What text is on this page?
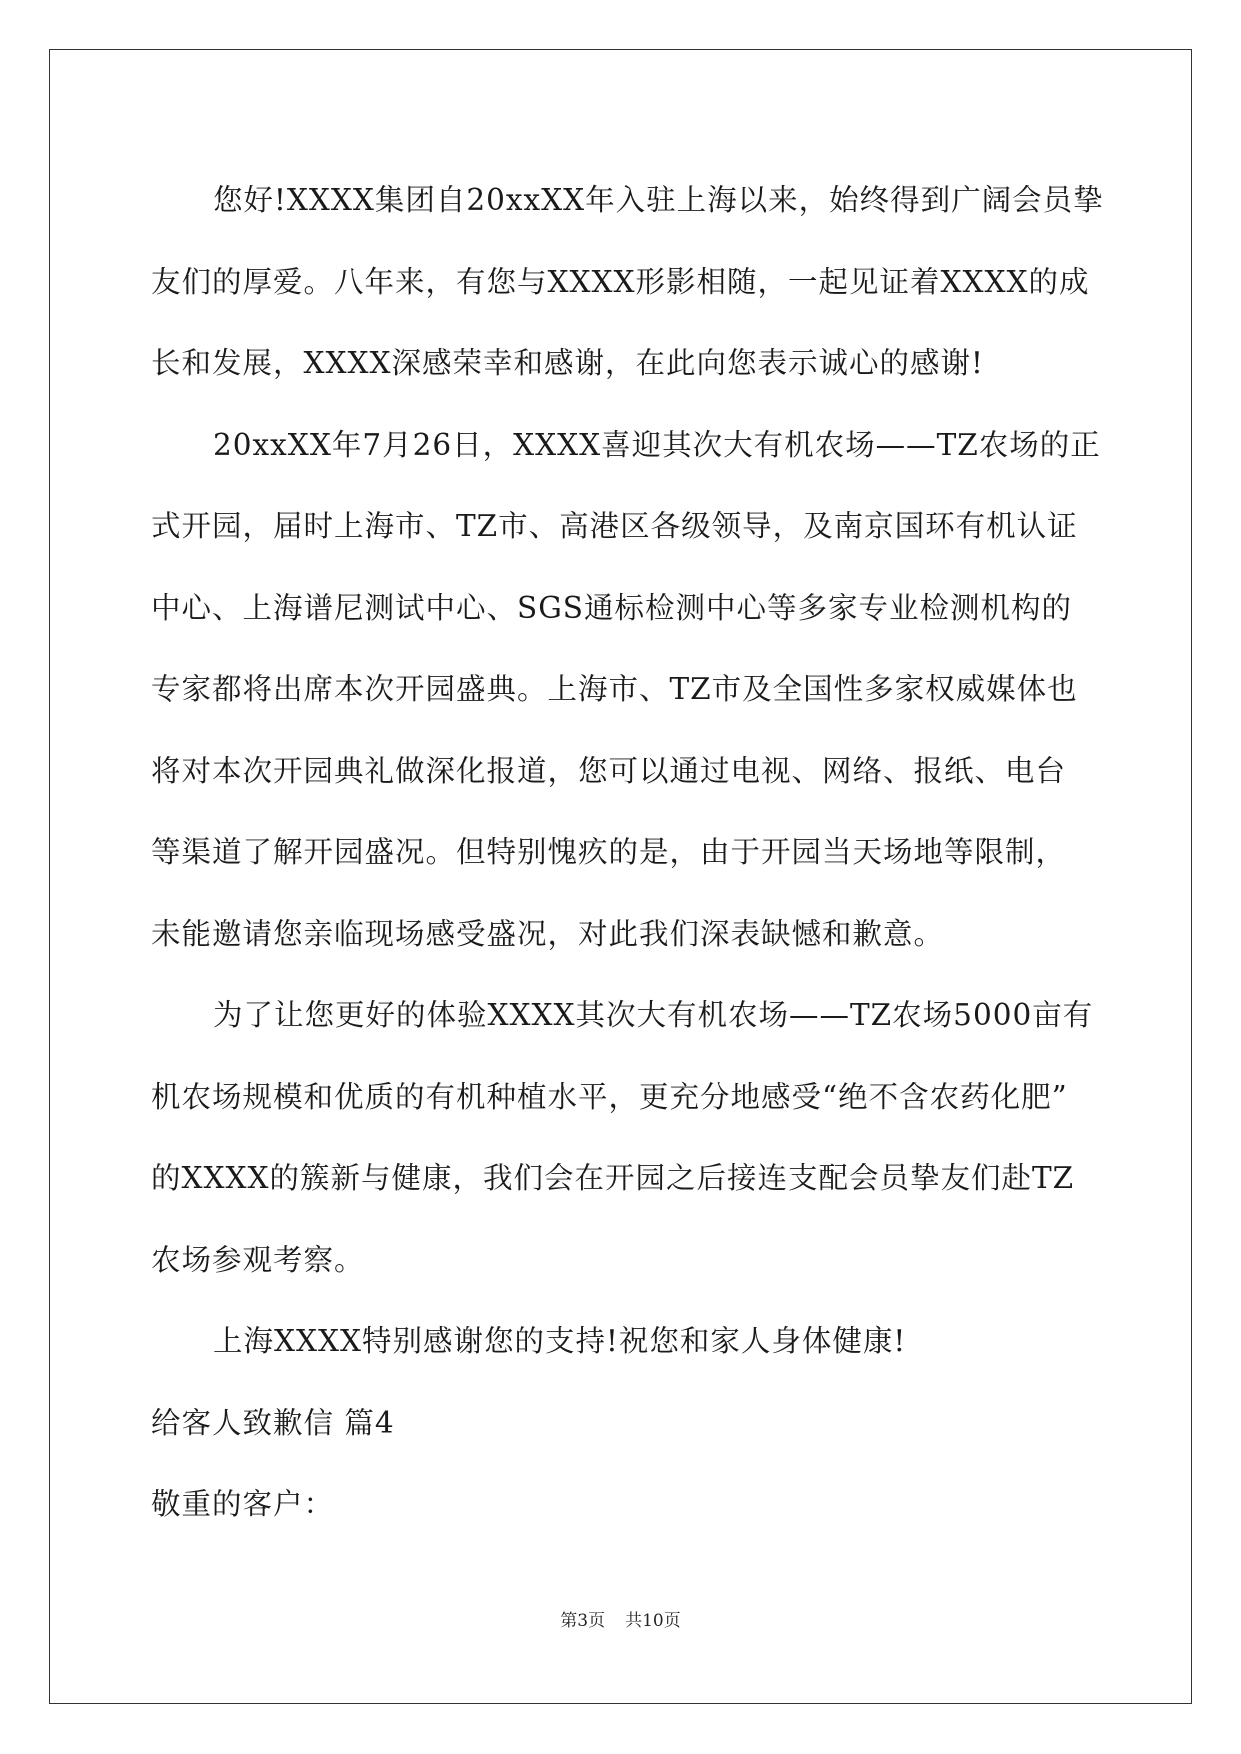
您好!XXXX集团自20xxXX年入驻上海以来，始终得到广阔会员挚

友们的厚爱。八年来，有您与XXXX形影相随，一起见证着XXXX的成

长和发展，XXXX深感荣幸和感谢，在此向您表示诚心的感谢!

20xxXX年7月26日，XXXX喜迎其次大有机农场——TZ农场的正

式开园，届时上海市、TZ市、高港区各级领导，及南京国环有机认证

中心、上海谱尼测试中心、SGS通标检测中心等多家专业检测机构的

专家都将出席本次开园盛典。上海市、TZ市及全国性多家权威媒体也

将对本次开园典礼做深化报道，您可以通过电视、网络、报纸、电台

等渠道了解开园盛况。但特别愧疚的是，由于开园当天场地等限制，

未能邀请您亲临现场感受盛况，对此我们深表缺憾和歉意。

为了让您更好的体验XXXX其次大有机农场——TZ农场5000亩有

机农场规模和优质的有机种植水平，更充分地感受“绝不含农药化肥”

的XXXX的簇新与健康，我们会在开园之后接连支配会员挚友们赴TZ

农场参观考察。

上海XXXX特别感谢您的支持!祝您和家人身体健康!

给客人致歉信 篇4
敬重的客户：
第3页 共10页
